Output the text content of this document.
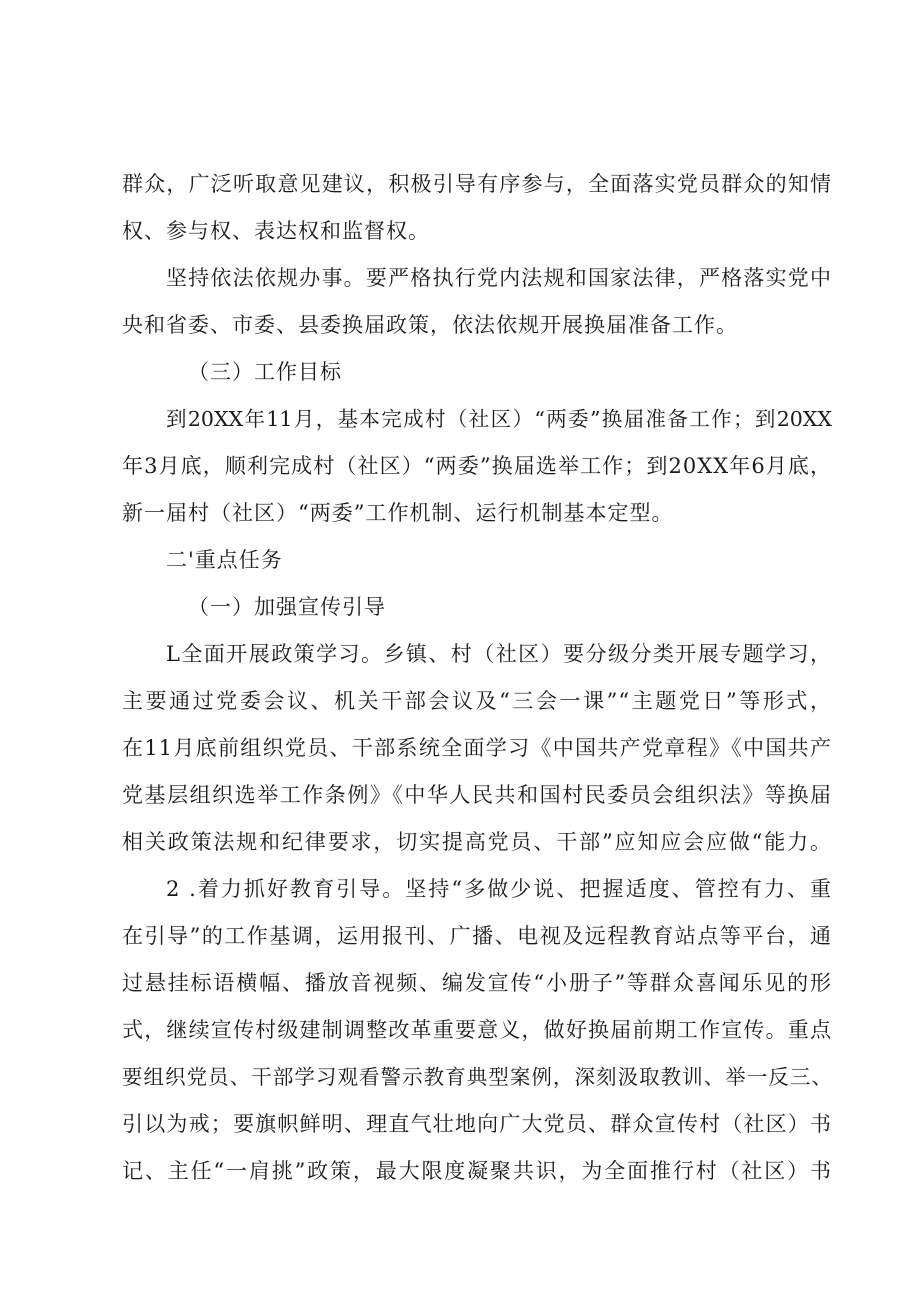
群众，广泛听取意见建议，积极引导有序参与，全面落实党员群众的知情
权、参与权、表达权和监督权。
坚持依法依规办事。要严格执行党内法规和国家法律，严格落实党中
央和省委、市委、县委换届政策，依法依规开展换届准备工作。
（三）工作目标
到20XX年11月，基本完成村（社区）“两委”换届准备工作；到20XX
年3月底，顺利完成村（社区）“两委”换届选举工作；到20XX年6月底，
新一届村（社区）“两委”工作机制、运行机制基本定型。
二'重点任务
（一）加强宣传引导
L全面开展政策学习。乡镇、村（社区）要分级分类开展专题学习，
主要通过党委会议、机关干部会议及“三会一课”“主题党日”等形式，
在11月底前组织党员、干部系统全面学习《中国共产党章程》《中国共产
党基层组织选举工作条例》《中华人民共和国村民委员会组织法》等换届
相关政策法规和纪律要求，切实提高党员、干部”应知应会应做“能力。
2 .着力抓好教育引导。坚持“多做少说、把握适度、管控有力、重
在引导”的工作基调，运用报刊、广播、电视及远程教育站点等平台，通
过悬挂标语横幅、播放音视频、编发宣传“小册子”等群众喜闻乐见的形
式，继续宣传村级建制调整改革重要意义，做好换届前期工作宣传。重点
要组织党员、干部学习观看警示教育典型案例，深刻汲取教训、举一反三、
引以为戒；要旗帜鲜明、理直气壮地向广大党员、群众宣传村（社区）书
记、主任“一肩挑”政策，最大限度凝聚共识，为全面推行村（社区）书
